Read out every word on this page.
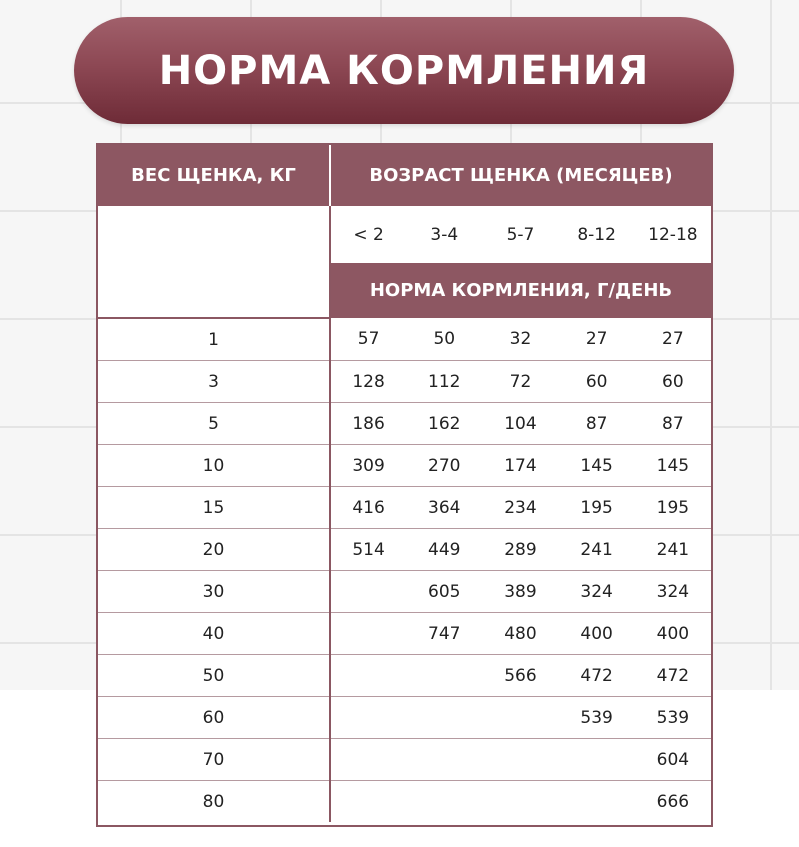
НОРМА КОРМЛЕНИЯ
ВЕС ЩЕНКА, КГ	ВОЗРАСТ ЩЕНКА (МЕСЯЦЕВ)				
	< 2	3-4	5-7	8-12	12-18
	НОРМА КОРМЛЕНИЯ, Г/ДЕНЬ				
1	57	50	32	27	27
3	128	112	72	60	60
5	186	162	104	87	87
10	309	270	174	145	145
15	416	364	234	195	195
20	514	449	289	241	241
30		605	389	324	324
40		747	480	400	400
50			566	472	472
60				539	539
70					604
80					666
